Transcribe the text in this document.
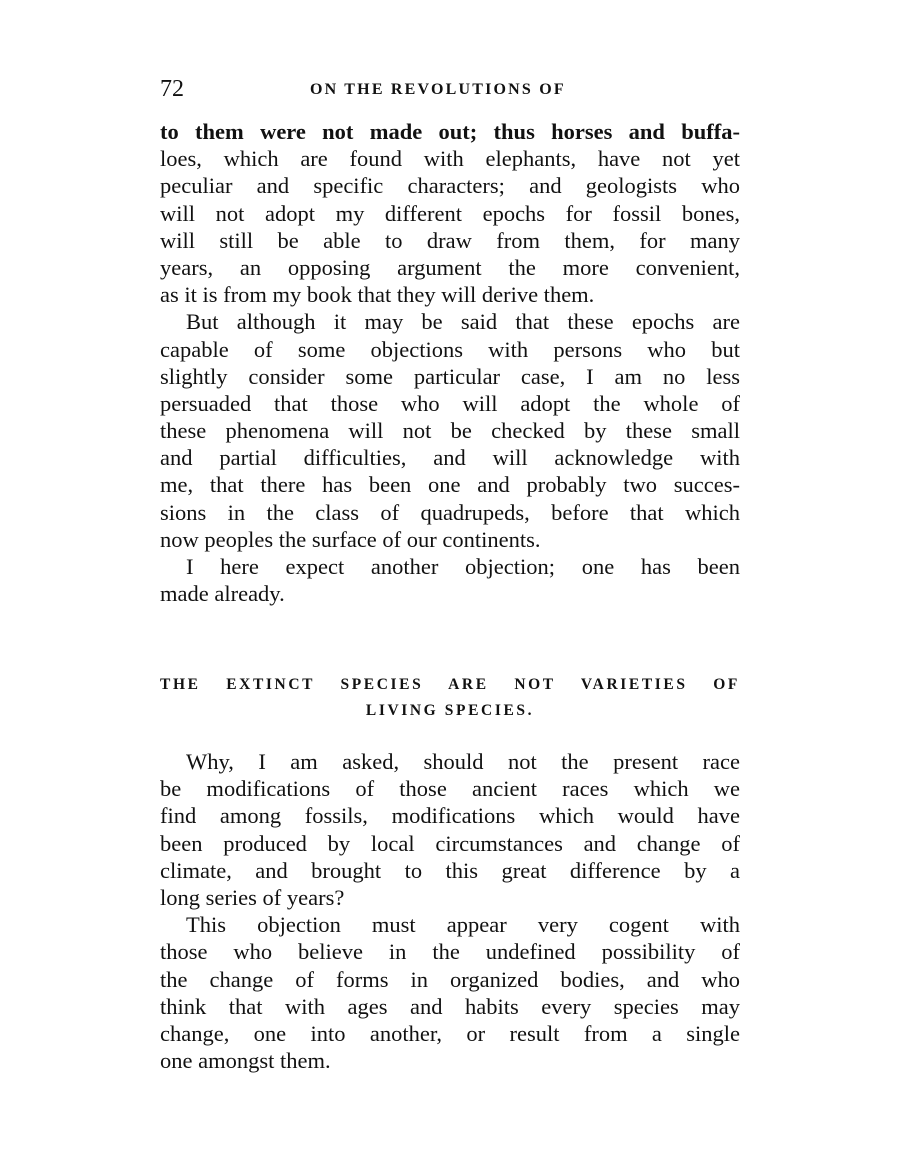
72	ON THE REVOLUTIONS OF
to them were not made out; thus horses and buffa-
loes, which are found with elephants, have not yet
peculiar and specific characters; and geologists who
will not adopt my different epochs for fossil bones,
will still be able to draw from them, for many
years, an opposing argument the more convenient,
as it is from my book that they will derive them.
But although it may be said that these epochs are
capable of some objections with persons who but
slightly consider some particular case, I am no less
persuaded that those who will adopt the whole of
these phenomena will not be checked by these small
and partial difficulties, and will acknowledge with
me, that there has been one and probably two succes-
sions in the class of quadrupeds, before that which
now peoples the surface of our continents.
I here expect another objection; one has been
made already.
THE EXTINCT SPECIES ARE NOT VARIETIES OF
LIVING SPECIES.
Why, I am asked, should not the present race
be modifications of those ancient races which we
find among fossils, modifications which would have
been produced by local circumstances and change of
climate, and brought to this great difference by a
long series of years?
This objection must appear very cogent with
those who believe in the undefined possibility of
the change of forms in organized bodies, and who
think that with ages and habits every species may
change, one into another, or result from a single
one amongst them.
